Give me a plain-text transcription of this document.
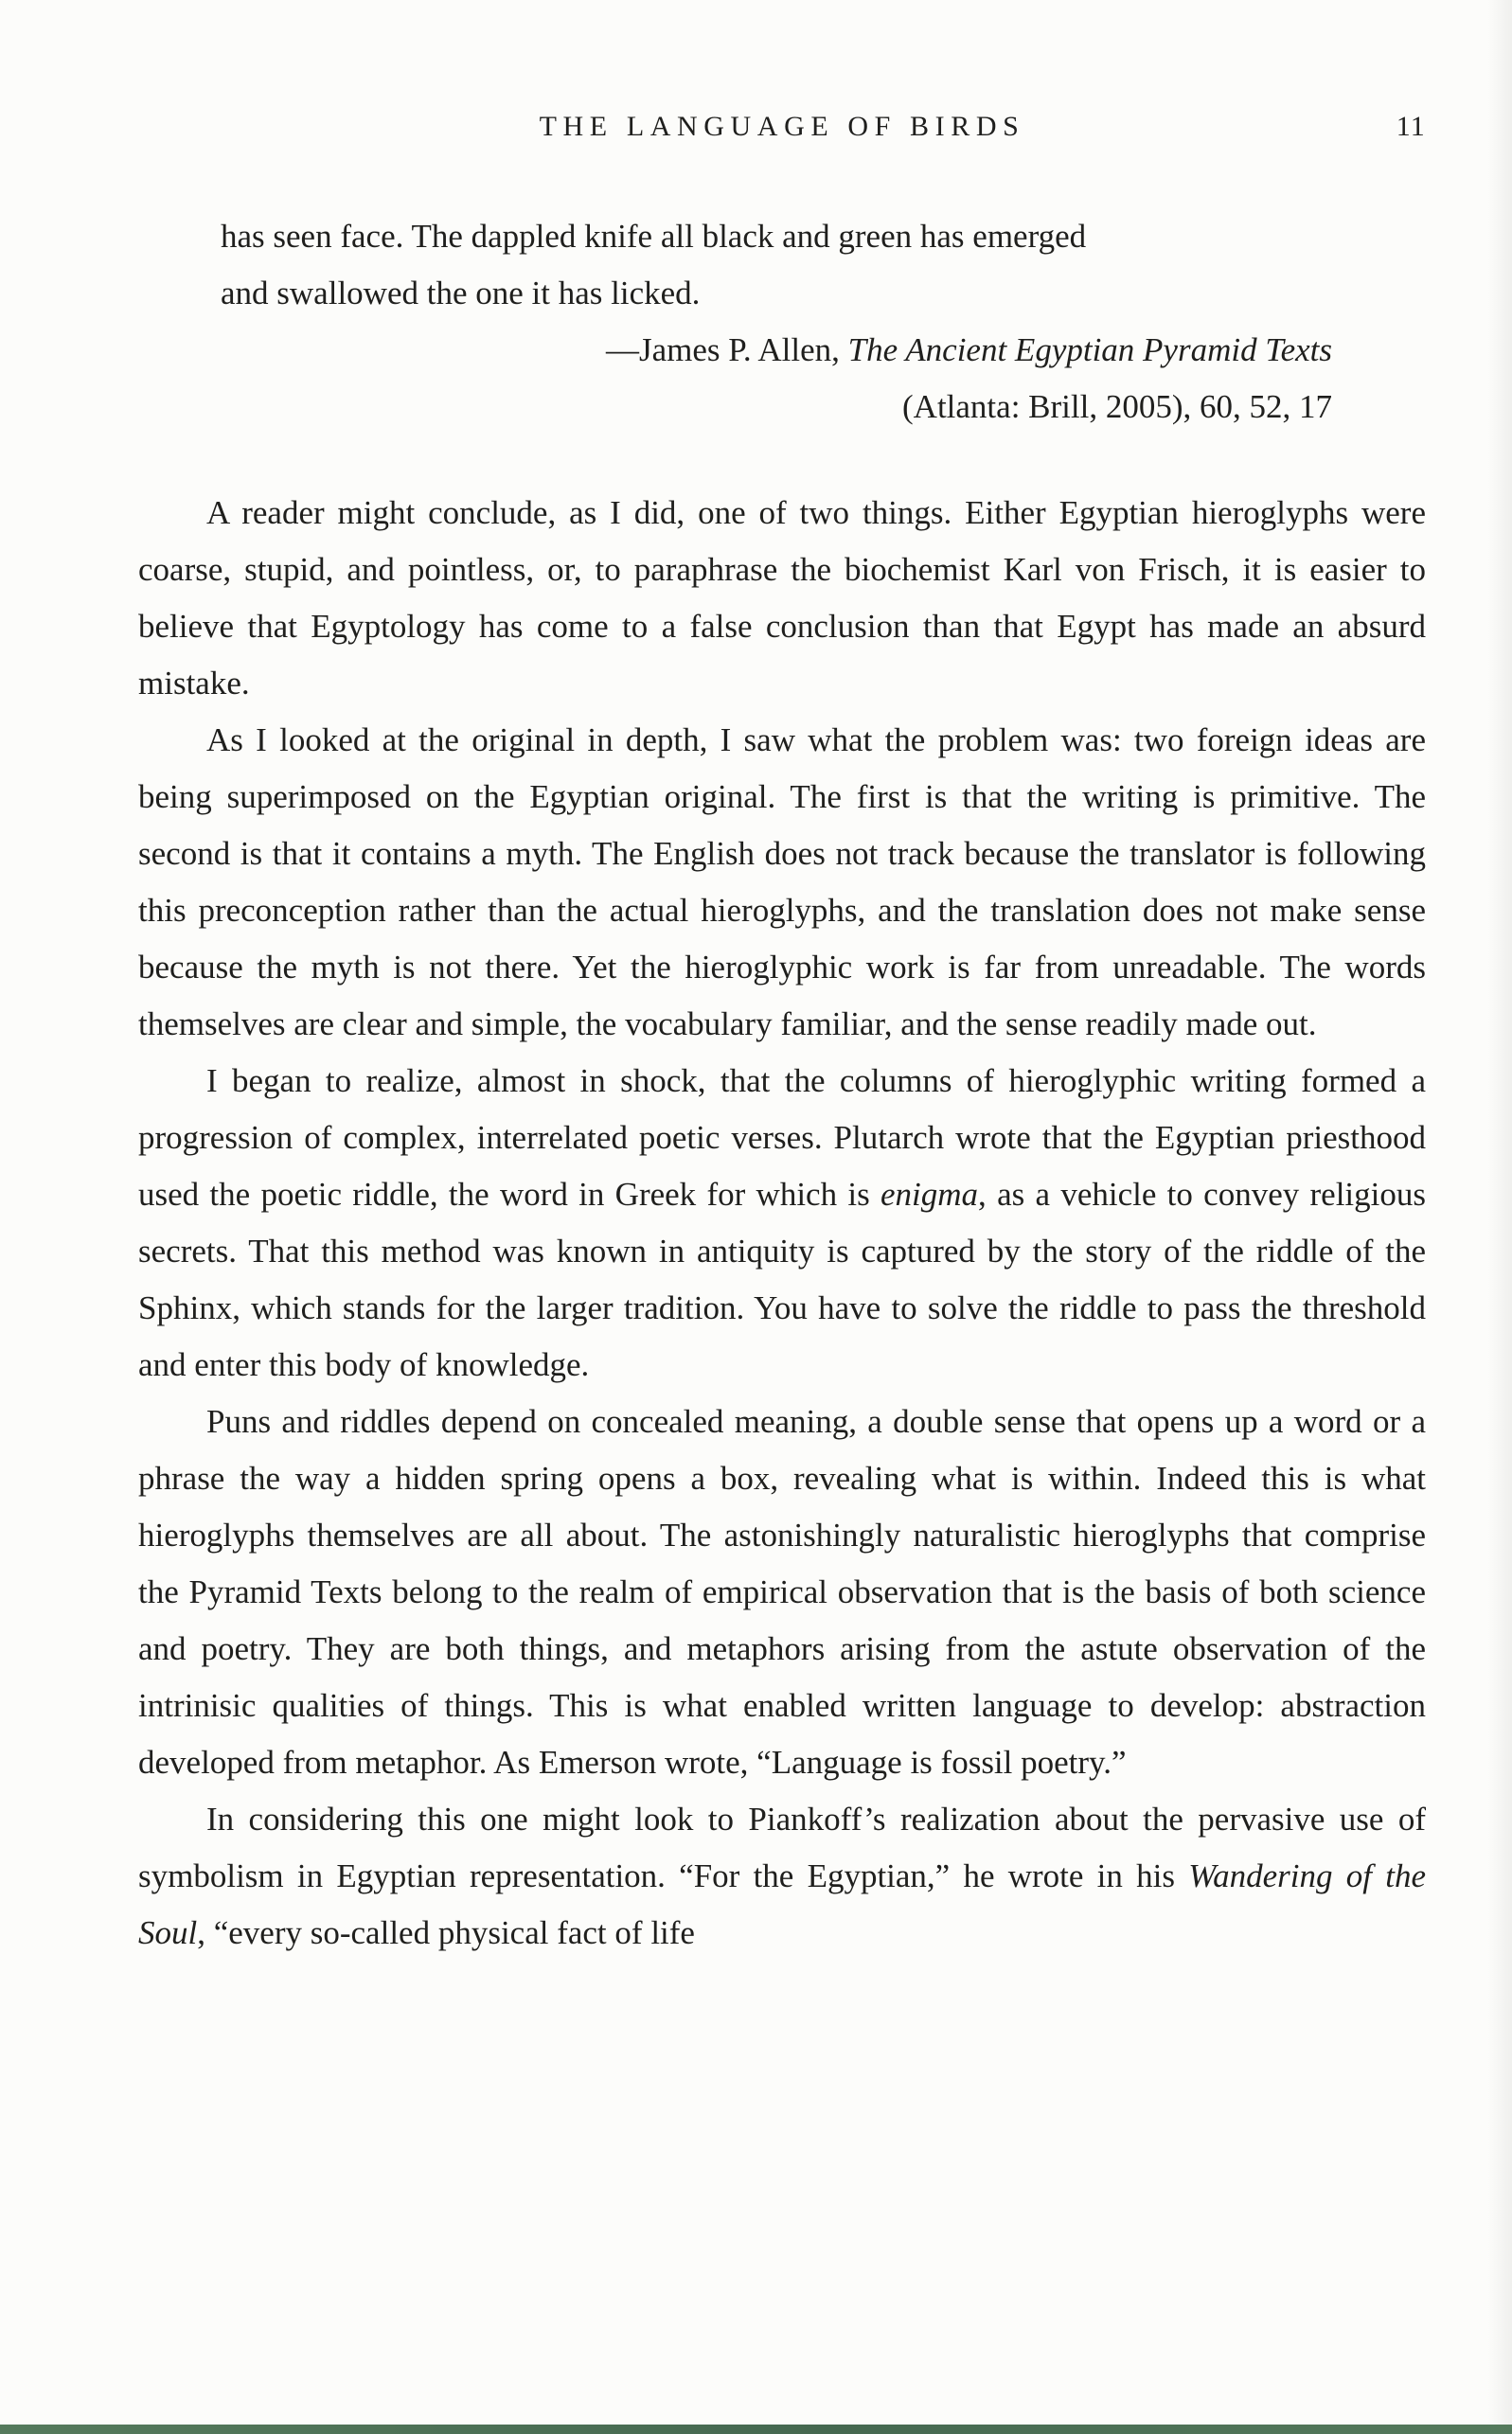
THE LANGUAGE OF BIRDS	11
has seen face. The dappled knife all black and green has emerged
and swallowed the one it has licked.

—James P. Allen, The Ancient Egyptian Pyramid Texts

(Atlanta: Brill, 2005), 60, 52, 17

A reader might conclude, as I did, one of two things. Either Egyptian hieroglyphs were coarse, stupid, and pointless, or, to paraphrase the biochemist Karl von Frisch, it is easier to believe that Egyptology has come to a false conclusion than that Egypt has made an absurd mistake.

As I looked at the original in depth, I saw what the problem was: two foreign ideas are being superimposed on the Egyptian original. The first is that the writing is primitive. The second is that it contains a myth. The English does not track because the translator is following this preconception rather than the actual hieroglyphs, and the translation does not make sense because the myth is not there. Yet the hieroglyphic work is far from unreadable. The words themselves are clear and simple, the vocabulary familiar, and the sense readily made out.

I began to realize, almost in shock, that the columns of hieroglyphic writing formed a progression of complex, interrelated poetic verses. Plutarch wrote that the Egyptian priesthood used the poetic riddle, the word in Greek for which is enigma, as a vehicle to convey religious secrets. That this method was known in antiquity is captured by the story of the riddle of the Sphinx, which stands for the larger tradition. You have to solve the riddle to pass the threshold and enter this body of knowledge.

Puns and riddles depend on concealed meaning, a double sense that opens up a word or a phrase the way a hidden spring opens a box, revealing what is within. Indeed this is what hieroglyphs themselves are all about. The astonishingly naturalistic hieroglyphs that comprise the Pyramid Texts belong to the realm of empirical observation that is the basis of both science and poetry. They are both things, and metaphors arising from the astute observation of the intrinisic qualities of things. This is what enabled written language to develop: abstraction developed from metaphor. As Emerson wrote, “Language is fossil poetry.”

In considering this one might look to Piankoff’s realization about the pervasive use of symbolism in Egyptian representation. “For the Egyptian,” he wrote in his Wandering of the Soul, “every so-called physical fact of life
